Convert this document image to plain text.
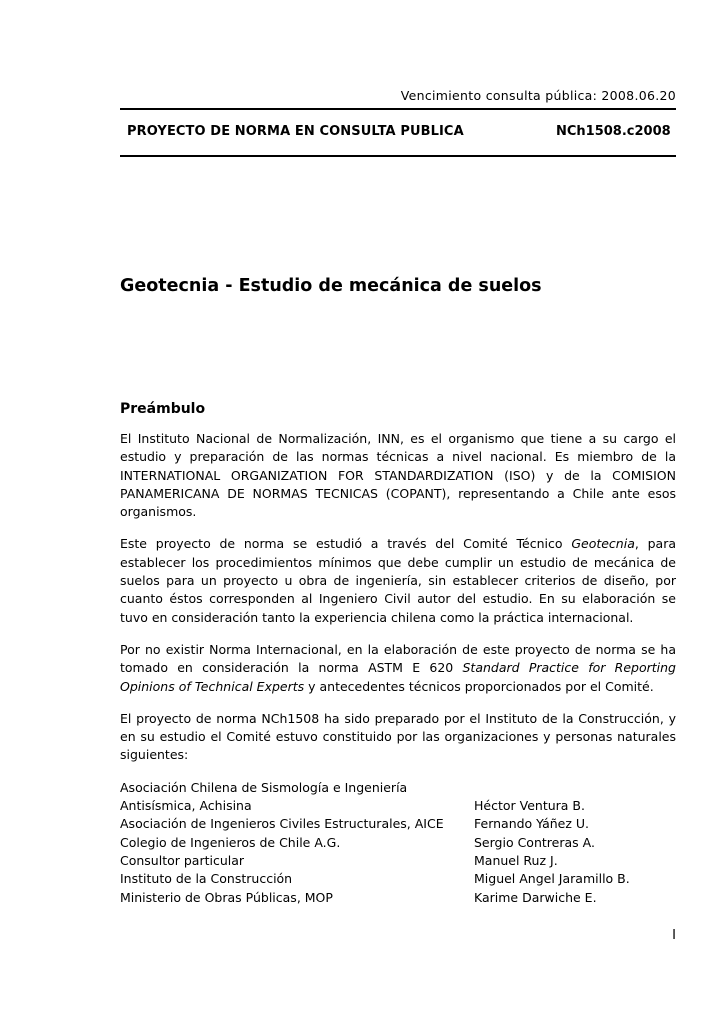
Vencimiento consulta pública: 2008.06.20
PROYECTO DE NORMA EN CONSULTA PUBLICA	NCh1508.c2008
Geotecnia - Estudio de mecánica de suelos
Preámbulo

El Instituto Nacional de Normalización, INN, es el organismo que tiene a su cargo el estudio y preparación de las normas técnicas a nivel nacional. Es miembro de la INTERNATIONAL ORGANIZATION FOR STANDARDIZATION (ISO) y de la COMISION PANAMERICANA DE NORMAS TECNICAS (COPANT), representando a Chile ante esos organismos.

Este proyecto de norma se estudió a través del Comité Técnico Geotecnia, para establecer los procedimientos mínimos que debe cumplir un estudio de mecánica de suelos para un proyecto u obra de ingeniería, sin establecer criterios de diseño, por cuanto éstos corresponden al Ingeniero Civil autor del estudio. En su elaboración se tuvo en consideración tanto la experiencia chilena como la práctica internacional.

Por no existir Norma Internacional, en la elaboración de este proyecto de norma se ha tomado en consideración la norma ASTM E 620 Standard Practice for Reporting Opinions of Technical Experts y antecedentes técnicos proporcionados por el Comité.

El proyecto de norma NCh1508 ha sido preparado por el Instituto de la Construcción, y en su estudio el Comité estuvo constituido por las organizaciones y personas naturales siguientes:

Asociación Chilena de Sismología e Ingeniería	
Antisísmica, Achisina	Héctor Ventura B.
Asociación de Ingenieros Civiles Estructurales, AICE	Fernando Yáñez U.
Colegio de Ingenieros de Chile A.G.	Sergio Contreras A.
Consultor particular	Manuel Ruz J.
Instituto de la Construcción	Miguel Angel Jaramillo B.
Ministerio de Obras Públicas, MOP	Karime Darwiche E.
I
